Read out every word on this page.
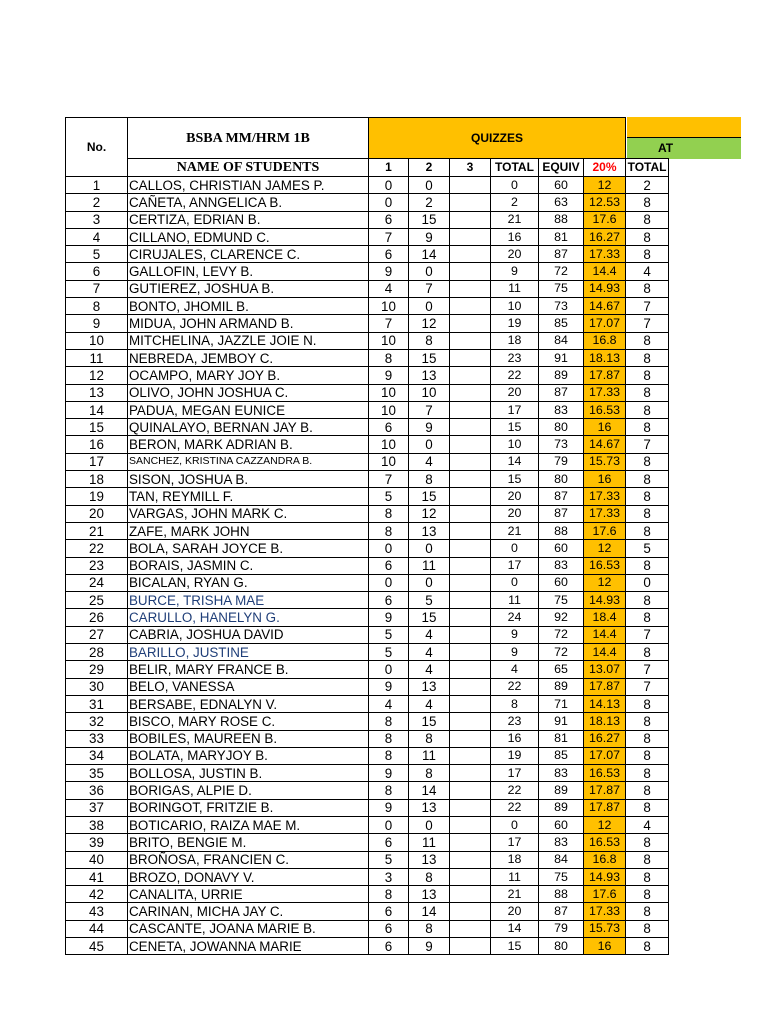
AT
No.	BSBA MM/HRM 1B	QUIZZES						
	NAME OF STUDENTS	1	2	3	TOTAL	EQUIV	20%	TOTAL
1	CALLOS, CHRISTIAN JAMES P.	0	0		0	60	12	2
2	CAÑETA, ANNGELICA B.	0	2		2	63	12.53	8
3	CERTIZA, EDRIAN B.	6	15		21	88	17.6	8
4	CILLANO, EDMUND C.	7	9		16	81	16.27	8
5	CIRUJALES, CLARENCE C.	6	14		20	87	17.33	8
6	GALLOFIN, LEVY B.	9	0		9	72	14.4	4
7	GUTIEREZ, JOSHUA B.	4	7		11	75	14.93	8
8	BONTO, JHOMIL B.	10	0		10	73	14.67	7
9	MIDUA, JOHN ARMAND B.	7	12		19	85	17.07	7
10	MITCHELINA, JAZZLE JOIE N.	10	8		18	84	16.8	8
11	NEBREDA, JEMBOY C.	8	15		23	91	18.13	8
12	OCAMPO, MARY JOY B.	9	13		22	89	17.87	8
13	OLIVO, JOHN JOSHUA C.	10	10		20	87	17.33	8
14	PADUA, MEGAN EUNICE	10	7		17	83	16.53	8
15	QUINALAYO, BERNAN JAY B.	6	9		15	80	16	8
16	BERON, MARK ADRIAN B.	10	0		10	73	14.67	7
17	SANCHEZ, KRISTINA CAZZANDRA B.	10	4		14	79	15.73	8
18	SISON, JOSHUA B.	7	8		15	80	16	8
19	TAN, REYMILL F.	5	15		20	87	17.33	8
20	VARGAS, JOHN MARK C.	8	12		20	87	17.33	8
21	ZAFE, MARK JOHN	8	13		21	88	17.6	8
22	BOLA, SARAH JOYCE B.	0	0		0	60	12	5
23	BORAIS, JASMIN C.	6	11		17	83	16.53	8
24	BICALAN, RYAN G.	0	0		0	60	12	0
25	BURCE, TRISHA MAE	6	5		11	75	14.93	8
26	CARULLO, HANELYN G.	9	15		24	92	18.4	8
27	CABRIA, JOSHUA DAVID	5	4		9	72	14.4	7
28	BARILLO, JUSTINE	5	4		9	72	14.4	8
29	BELIR, MARY FRANCE B.	0	4		4	65	13.07	7
30	BELO, VANESSA	9	13		22	89	17.87	7
31	BERSABE, EDNALYN V.	4	4		8	71	14.13	8
32	BISCO, MARY ROSE C.	8	15		23	91	18.13	8
33	BOBILES, MAUREEN B.	8	8		16	81	16.27	8
34	BOLATA, MARYJOY B.	8	11		19	85	17.07	8
35	BOLLOSA, JUSTIN B.	9	8		17	83	16.53	8
36	BORIGAS, ALPIE D.	8	14		22	89	17.87	8
37	BORINGOT, FRITZIE B.	9	13		22	89	17.87	8
38	BOTICARIO, RAIZA MAE M.	0	0		0	60	12	4
39	BRITO, BENGIE M.	6	11		17	83	16.53	8
40	BROÑOSA, FRANCIEN C.	5	13		18	84	16.8	8
41	BROZO, DONAVY V.	3	8		11	75	14.93	8
42	CANALITA, URRIE	8	13		21	88	17.6	8
43	CARINAN, MICHA JAY C.	6	14		20	87	17.33	8
44	CASCANTE, JOANA MARIE B.	6	8		14	79	15.73	8
45	CENETA, JOWANNA MARIE	6	9		15	80	16	8
